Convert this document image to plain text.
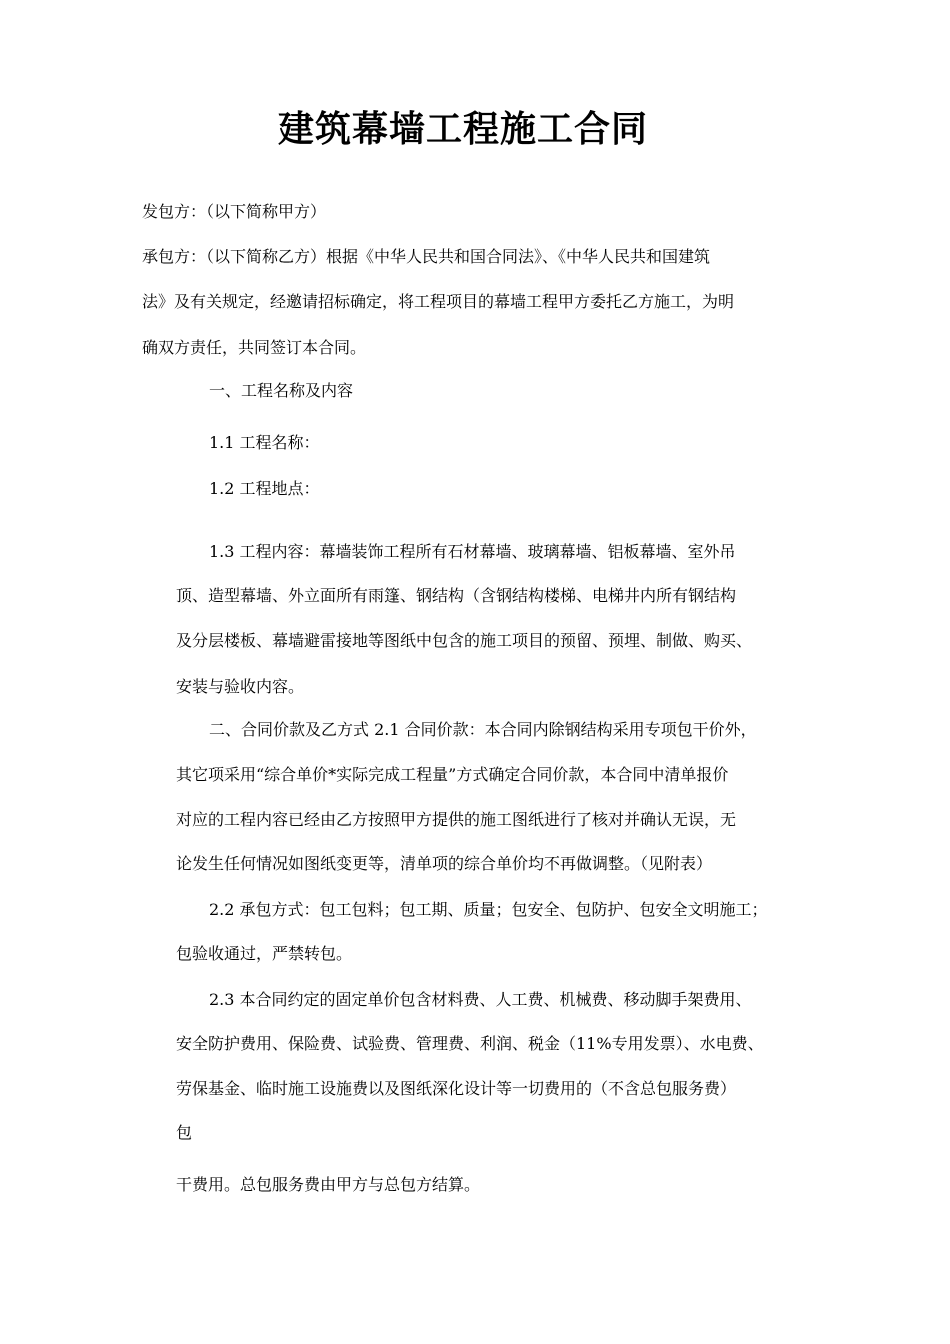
建筑幕墙工程施工合同

发包方：（以下简称甲方）

承包方：（以下简称乙方）根据《中华人民共和国合同法》、《中华人民共和国建筑

法》及有关规定，经邀请招标确定，将工程项目的幕墙工程甲方委托乙方施工，为明

确双方责任，共同签订本合同。

一、工程名称及内容

1.1 工程名称：

1.2 工程地点：

1.3 工程内容：幕墙装饰工程所有石材幕墙、玻璃幕墙、铝板幕墙、室外吊

顶、造型幕墙、外立面所有雨篷、钢结构（含钢结构楼梯、电梯井内所有钢结构

及分层楼板、幕墙避雷接地等图纸中包含的施工项目的预留、预埋、制做、购买、

安装与验收内容。

二、合同价款及乙方式 2.1 合同价款：本合同内除钢结构采用专项包干价外，

其它项采用“综合单价*实际完成工程量”方式确定合同价款，本合同中清单报价

对应的工程内容已经由乙方按照甲方提供的施工图纸进行了核对并确认无误，无

论发生任何情况如图纸变更等，清单项的综合单价均不再做调整。（见附表）

2.2 承包方式：包工包料；包工期、质量；包安全、包防护、包安全文明施工；

包验收通过，严禁转包。

2.3 本合同约定的固定单价包含材料费、人工费、机械费、移动脚手架费用、

安全防护费用、保险费、试验费、管理费、利润、税金（11%专用发票）、水电费、

劳保基金、临时施工设施费以及图纸深化设计等一切费用的（不含总包服务费）

包

干费用。总包服务费由甲方与总包方结算。
